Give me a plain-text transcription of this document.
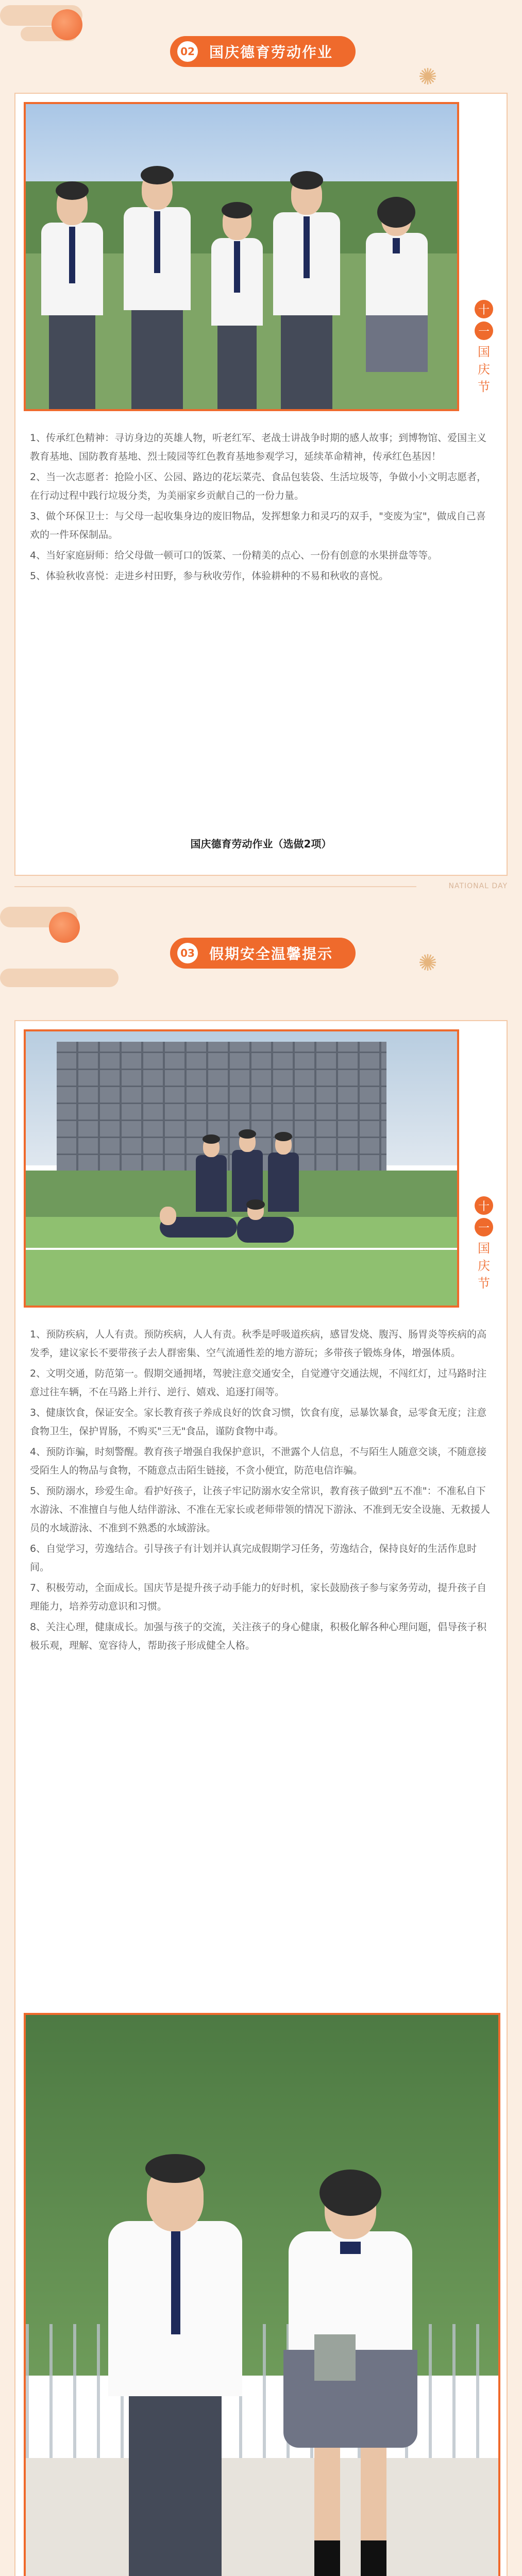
✺
02 国庆德育劳动作业
十
一
国
庆
节

1、传承红色精神：寻访身边的英雄人物，听老红军、老战士讲战争时期的感人故事；到博物馆、爱国主义教育基地、国防教育基地、烈士陵园等红色教育基地参观学习，延续革命精神，传承红色基因！

2、当一次志愿者：抢险小区、公园、路边的花坛菜壳、食品包装袋、生活垃圾等，争做小小文明志愿者，在行动过程中践行垃圾分类，为美丽家乡贡献自己的一份力量。

3、做个环保卫士：与父母一起收集身边的废旧物品，发挥想象力和灵巧的双手，"变废为宝"，做成自己喜欢的一件环保制品。

4、当好家庭厨师：给父母做一顿可口的饭菜、一份精美的点心、一份有创意的水果拼盘等等。

5、体验秋收喜悦：走进乡村田野，参与秋收劳作，体验耕种的不易和秋收的喜悦。

国庆德育劳动作业（选做2项）
NATIONAL DAY
✺
03 假期安全温馨提示
十
一
国
庆
节

1、预防疾病，人人有责。预防疾病，人人有责。秋季是呼吸道疾病，感冒发烧、腹泻、肠胃炎等疾病的高发季，建议家长不要带孩子去人群密集、空气流通性差的地方游玩；多带孩子锻炼身体，增强体质。

2、文明交通，防范第一。假期交通拥堵，驾驶注意交通安全，自觉遵守交通法规，不闯红灯，过马路时注意过往车辆，不在马路上并行、逆行、嬉戏、追逐打闹等。

3、健康饮食，保证安全。家长教育孩子养成良好的饮食习惯，饮食有度，忌暴饮暴食，忌零食无度；注意食物卫生，保护胃肠，不购买"三无"食品，谨防食物中毒。

4、预防诈骗，时刻警醒。教育孩子增强自我保护意识，不泄露个人信息，不与陌生人随意交谈，不随意接受陌生人的物品与食物，不随意点击陌生链接，不贪小便宜，防范电信诈骗。

5、预防溺水，珍爱生命。看护好孩子，让孩子牢记防溺水安全常识，教育孩子做到"五不准"：不准私自下水游泳、不准擅自与他人结伴游泳、不准在无家长或老师带领的情况下游泳、不准到无安全设施、无救援人员的水域游泳、不准到不熟悉的水域游泳。

6、自觉学习，劳逸结合。引导孩子有计划并认真完成假期学习任务，劳逸结合，保持良好的生活作息时间。

7、积极劳动，全面成长。国庆节是提升孩子动手能力的好时机，家长鼓励孩子参与家务劳动，提升孩子自理能力，培养劳动意识和习惯。

8、关注心理，健康成长。加强与孩子的交流，关注孩子的身心健康，积极化解各种心理问题，倡导孩子积极乐观，理解、宽容待人，帮助孩子形成健全人格。
